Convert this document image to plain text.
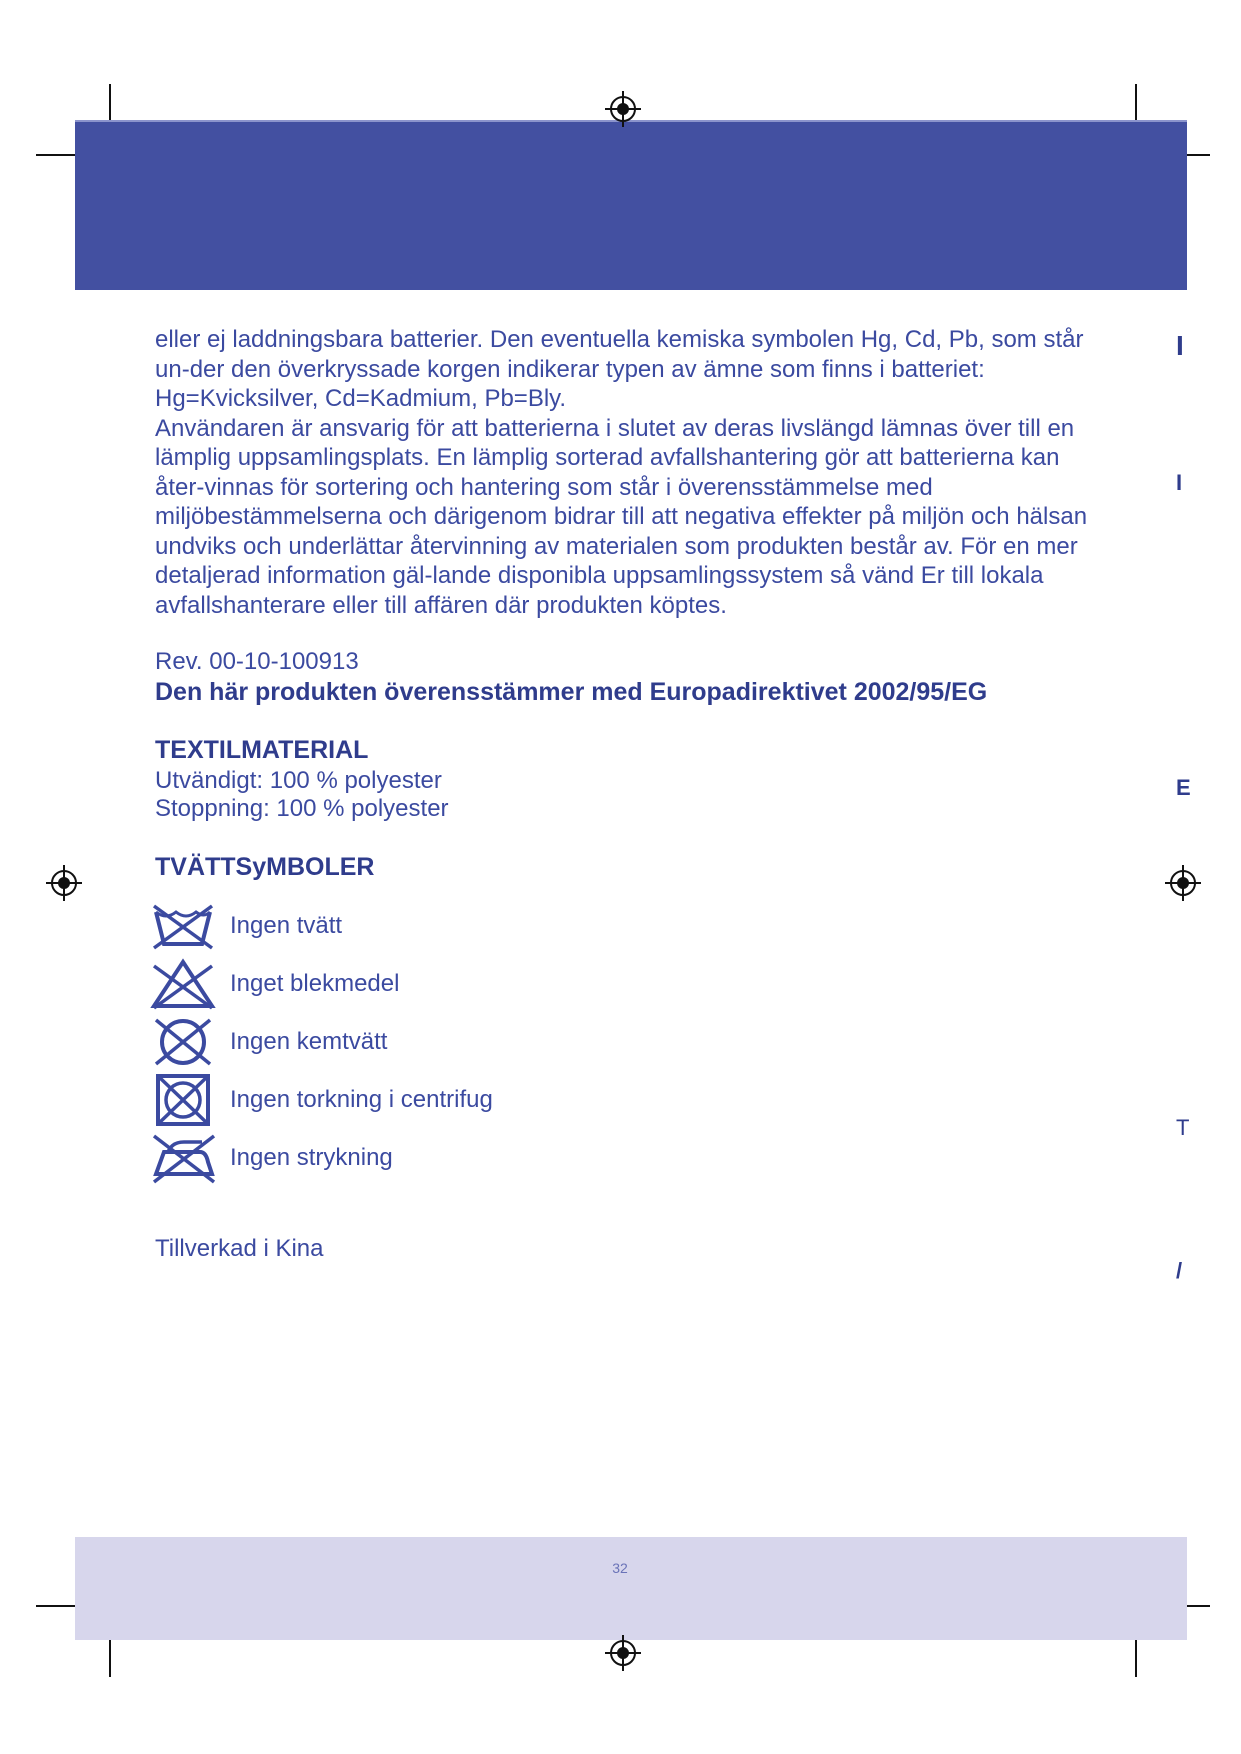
I
I
E
T
/

eller ej laddningsbara batterier. Den eventuella kemiska symbolen Hg, Cd, Pb, som står un-der den överkryssade korgen indikerar typen av ämne som finns i batteriet: Hg=Kvicksilver, Cd=Kadmium, Pb=Bly.

Användaren är ansvarig för att batterierna i slutet av deras livslängd lämnas över till en lämplig uppsamlingsplats. En lämplig sorterad avfallshantering gör att batterierna kan åter-vinnas för sortering och hantering som står i överensstämmelse med miljöbestämmelserna och därigenom bidrar till att negativa effekter på miljön och hälsan undviks och underlättar återvinning av materialen som produkten består av. För en mer detaljerad information gäl-lande disponibla uppsamlingssystem så vänd Er till lokala avfallshanterare eller till affären där produkten köptes.

Rev. 00-10-100913
Den här produkten överensstämmer med Europadirektivet 2002/95/EG
TEXTILMATERIAL
Utvändigt: 100 % polyester
Stoppning: 100 % polyester
TVÄTTSyMBOLER
Ingen tvätt
Inget blekmedel
Ingen kemtvätt
Ingen torkning i centrifug
Ingen strykning
Tillverkad i Kina
32
